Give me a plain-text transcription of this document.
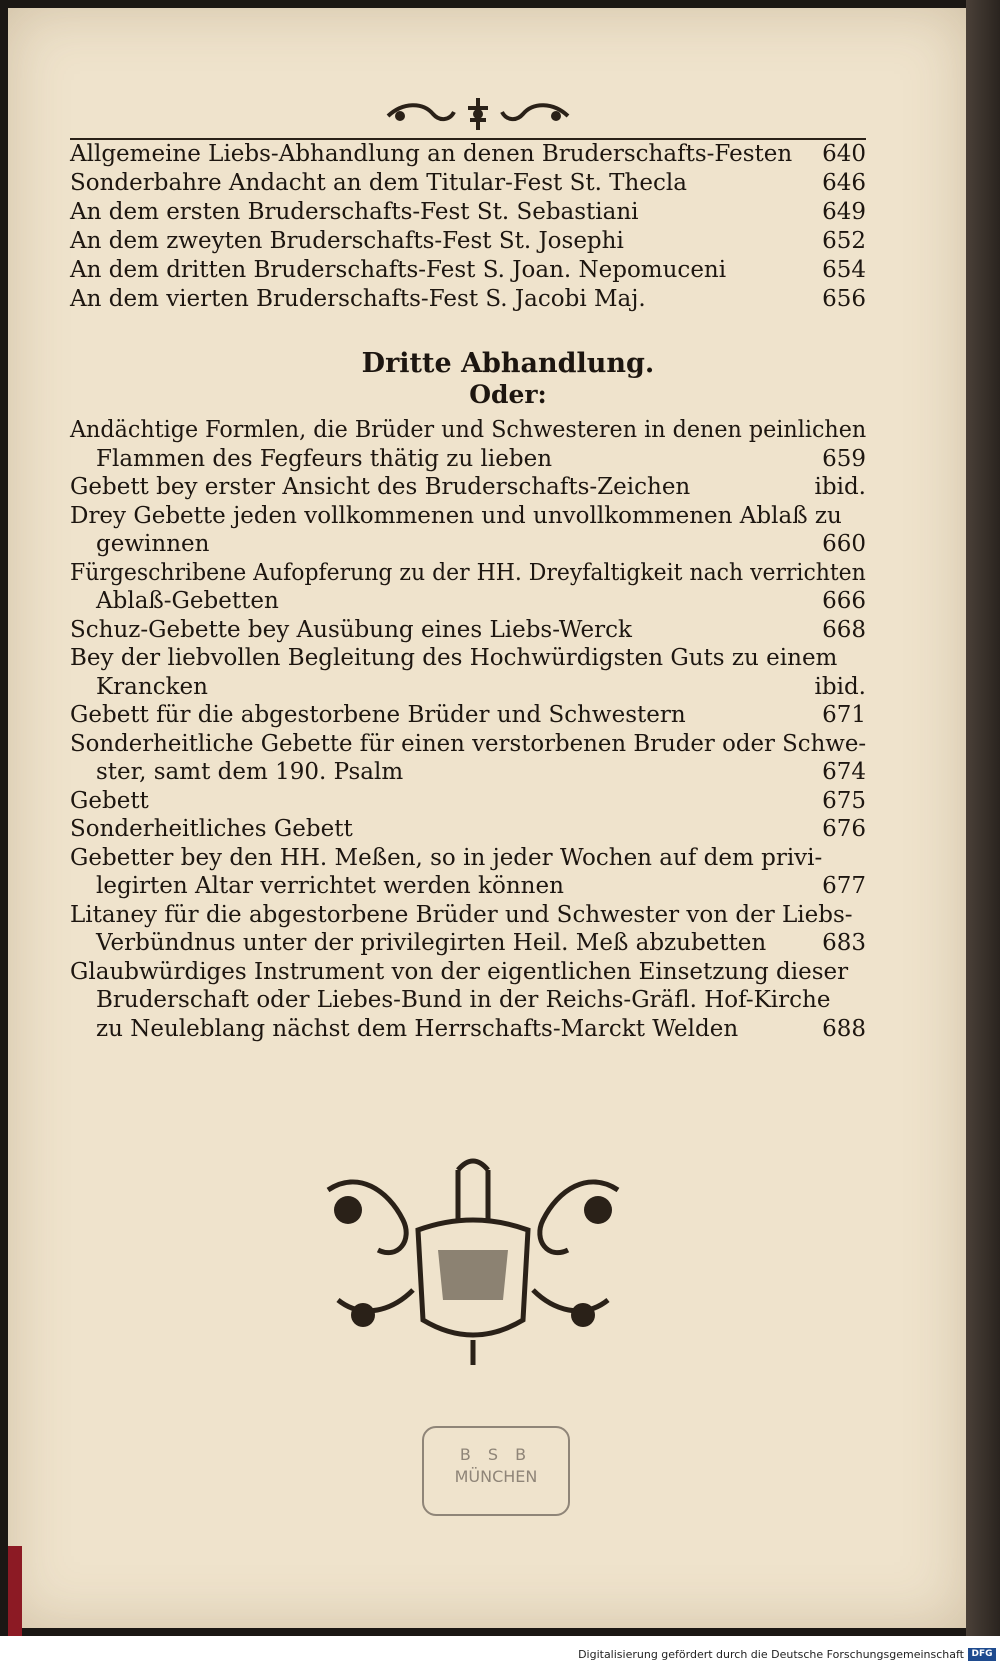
Allgemeine Liebs-Abhandlung an denen Bruderschafts-Festen 640
Sonderbahre Andacht an dem Titular-Fest St. Thecla	646
An dem ersten Bruderschafts-Fest St. Sebastiani	649
An dem zweyten Bruderschafts-Fest St. Josephi	652
An dem dritten Bruderschafts-Fest S. Joan. Nepomuceni	654
An dem vierten Bruderschafts-Fest S. Jacobi Maj.	656
Dritte Abhandlung.
Oder:
Andächtige Formlen, die Brüder und Schwesteren in denen peinlichen
Flammen des Fegfeurs thätig zu lieben	659
Gebett bey erster Ansicht des Bruderschafts-Zeichen	ibid.
Drey Gebette jeden vollkommenen und unvollkommenen Ablaß zu
gewinnen	660
Fürgeschribene Aufopferung zu der HH. Dreyfaltigkeit nach verrichten
Ablaß-Gebetten	666
Schuz-Gebette bey Ausübung eines Liebs-Werck	668
Bey der liebvollen Begleitung des Hochwürdigsten Guts zu einem
Krancken	ibid.
Gebett für die abgestorbene Brüder und Schwestern	671
Sonderheitliche Gebette für einen verstorbenen Bruder oder Schwe-
ster, samt dem 190. Psalm	674
Gebett	675
Sonderheitliches Gebett	676
Gebetter bey den HH. Meßen, so in jeder Wochen auf dem privi-
legirten Altar verrichtet werden können	677
Litaney für die abgestorbene Brüder und Schwester von der Liebs-
Verbündnus unter der privilegirten Heil. Meß abzubetten 683
Glaubwürdiges Instrument von der eigentlichen Einsetzung dieser
Bruderschaft oder Liebes-Bund in der Reichs-Gräfl. Hof-Kirche
zu Neuleblang nächst dem Herrschafts-Marckt Welden	688
B S B
MÜNCHEN
Digitalisierung gefördert durch die Deutsche Forschungsgemeinschaft DFG
